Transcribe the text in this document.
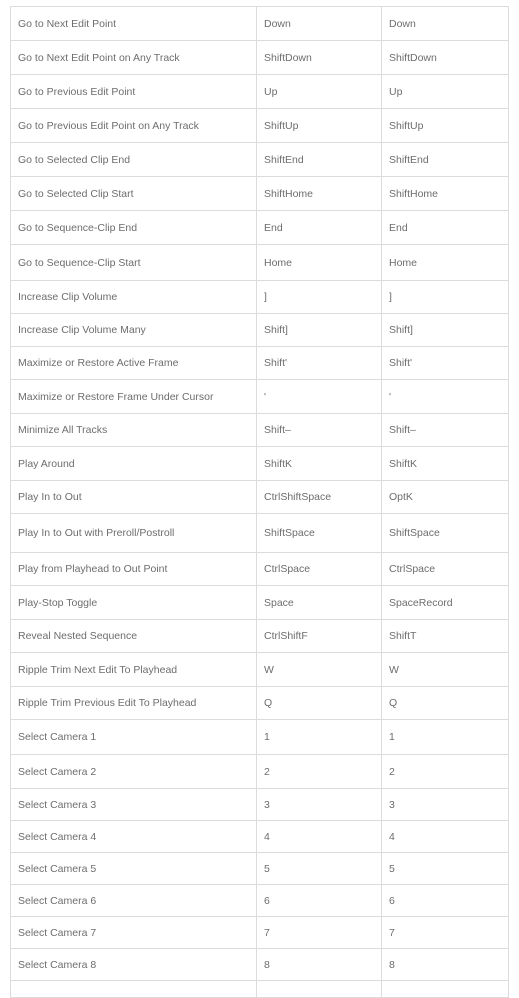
Go to Next Edit Point	Down	Down
Go to Next Edit Point on Any Track	ShiftDown	ShiftDown
Go to Previous Edit Point	Up	Up
Go to Previous Edit Point on Any Track	ShiftUp	ShiftUp
Go to Selected Clip End	ShiftEnd	ShiftEnd
Go to Selected Clip Start	ShiftHome	ShiftHome
Go to Sequence-Clip End	End	End
Go to Sequence-Clip Start	Home	Home
Increase Clip Volume	]	]
Increase Clip Volume Many	Shift]	Shift]
Maximize or Restore Active Frame	Shift'	Shift'
Maximize or Restore Frame Under Cursor	'	'
Minimize All Tracks	Shift–	Shift–
Play Around	ShiftK	ShiftK
Play In to Out	CtrlShiftSpace	OptK
Play In to Out with Preroll/Postroll	ShiftSpace	ShiftSpace
Play from Playhead to Out Point	CtrlSpace	CtrlSpace
Play-Stop Toggle	Space	SpaceRecord
Reveal Nested Sequence	CtrlShiftF	ShiftT
Ripple Trim Next Edit To Playhead	W	W
Ripple Trim Previous Edit To Playhead	Q	Q
Select Camera 1	1	1
Select Camera 2	2	2
Select Camera 3	3	3
Select Camera 4	4	4
Select Camera 5	5	5
Select Camera 6	6	6
Select Camera 7	7	7
Select Camera 8	8	8
